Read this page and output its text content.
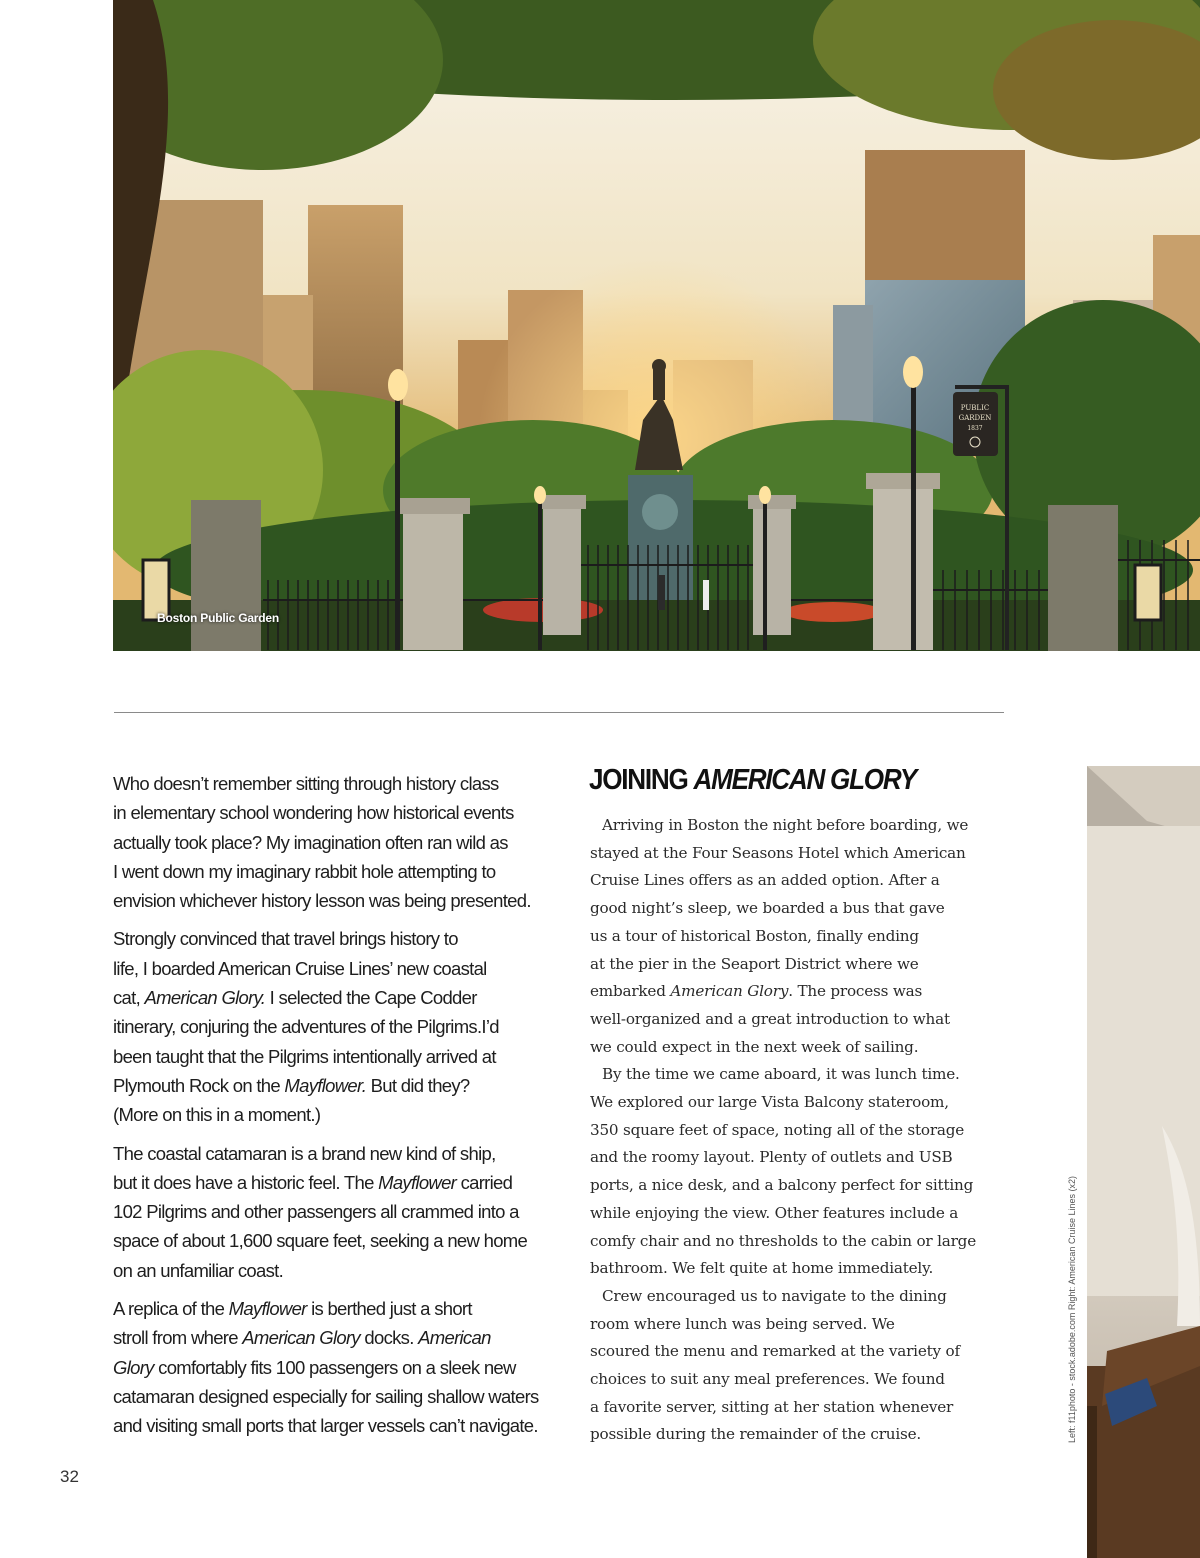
PUBLIC
GARDEN
1837
Boston Public Garden

Who doesn’t remember sitting through history class
in elementary school wondering how historical events
actually took place? My imagination often ran wild as
I went down my imaginary rabbit hole attempting to
envision whichever history lesson was being presented.

Strongly convinced that travel brings history to
life, I boarded American Cruise Lines’ new coastal
cat, American Glory. I selected the Cape Codder
itinerary, conjuring the adventures of the Pilgrims.I’d
been taught that the Pilgrims intentionally arrived at
Plymouth Rock on the Mayflower. But did they?
(More on this in a moment.)

The coastal catamaran is a brand new kind of ship,
but it does have a historic feel. The Mayflower carried
102 Pilgrims and other passengers all crammed into a
space of about 1,600 square feet, seeking a new home
on an unfamiliar coast.

A replica of the Mayflower is berthed just a short
stroll from where American Glory docks. American
Glory comfortably fits 100 passengers on a sleek new
catamaran designed especially for sailing shallow waters
and visiting small ports that larger vessels can’t navigate.

JOINING AMERICAN GLORY

Arriving in Boston the night before boarding, we
stayed at the Four Seasons Hotel which American
Cruise Lines offers as an added option. After a
good night’s sleep, we boarded a bus that gave
us a tour of historical Boston, finally ending
at the pier in the Seaport District where we
embarked American Glory. The process was
well-organized and a great introduction to what
we could expect in the next week of sailing.
By the time we came aboard, it was lunch time.
We explored our large Vista Balcony stateroom,
350 square feet of space, noting all of the storage
and the roomy layout. Plenty of outlets and USB
ports, a nice desk, and a balcony perfect for sitting
while enjoying the view. Other features include a
comfy chair and no thresholds to the cabin or large
bathroom. We felt quite at home immediately.
Crew encouraged us to navigate to the dining
room where lunch was being served. We
scoured the menu and remarked at the variety of
choices to suit any meal preferences. We found
a favorite server, sitting at her station whenever
possible during the remainder of the cruise.	Left: f11photo - stock.adobe.com Right: American Cruise Lines (x2)
32
